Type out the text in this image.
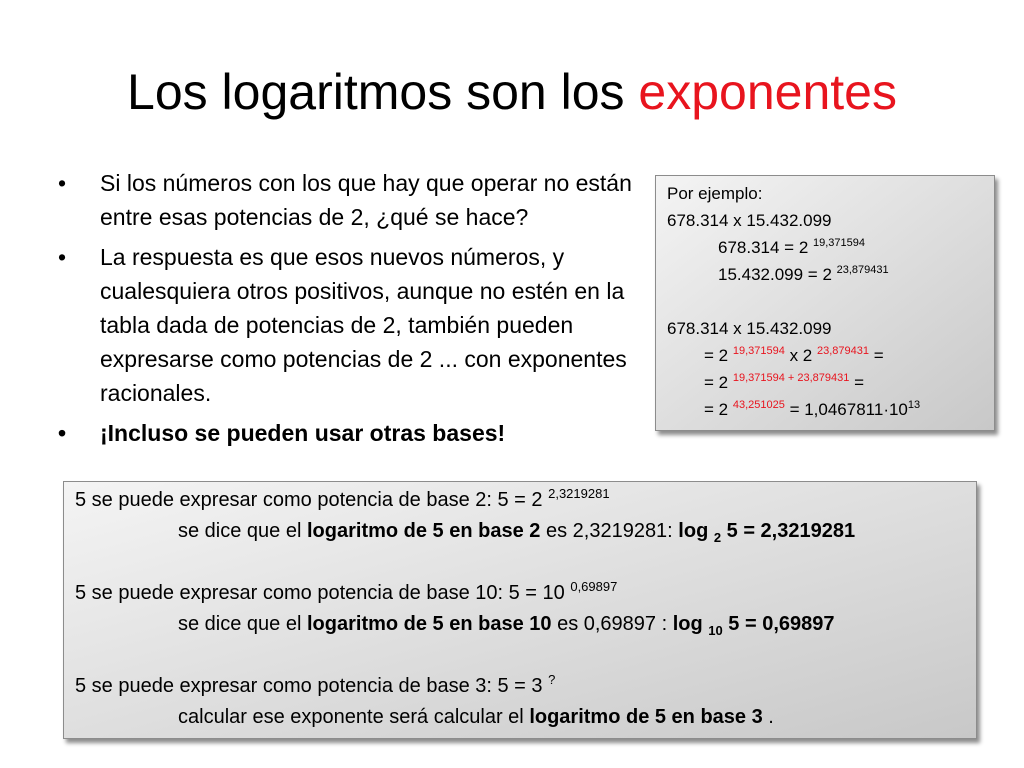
Los logaritmos son los exponentes
• Si los números con los que hay que operar no están entre esas potencias de 2, ¿qué se hace?
• La respuesta es que esos nuevos números, y cualesquiera otros positivos, aunque no estén en la tabla dada de potencias de 2, también pueden expresarse como potencias de 2 ... con exponentes racionales.
• ¡Incluso se pueden usar otras bases!
Por ejemplo:
678.314 x 15.432.099
678.314 = 2 $^{19,371594}$
15.432.099 = 2 $^{23,879431}$
678.314 x 15.432.099
= 2 $^{19,371594}$ x 2 $^{23,879431}$ =
= 2 $^{19,371594 + 23,879431}$ =
= 2 $^{43,251025} = 1,0467811\cdot 10^{13}$
5 se puede expresar como potencia de base 2: 5 = 2 $^{2,3219281}$
se dice que el logaritmo de 5 en base 2 es 2,3219281: log $_2$ 5 = 2,3219281
5 se puede expresar como potencia de base 10: 5 = 10 $^{0,69897}$
se dice que el logaritmo de 5 en base 10 es 0,69897 : log $_{10}$ 5 = 0,69897
5 se puede expresar como potencia de base 3: 5 = 3 ?
calcular ese exponente será calcular el logaritmo de 5 en base 3 .
